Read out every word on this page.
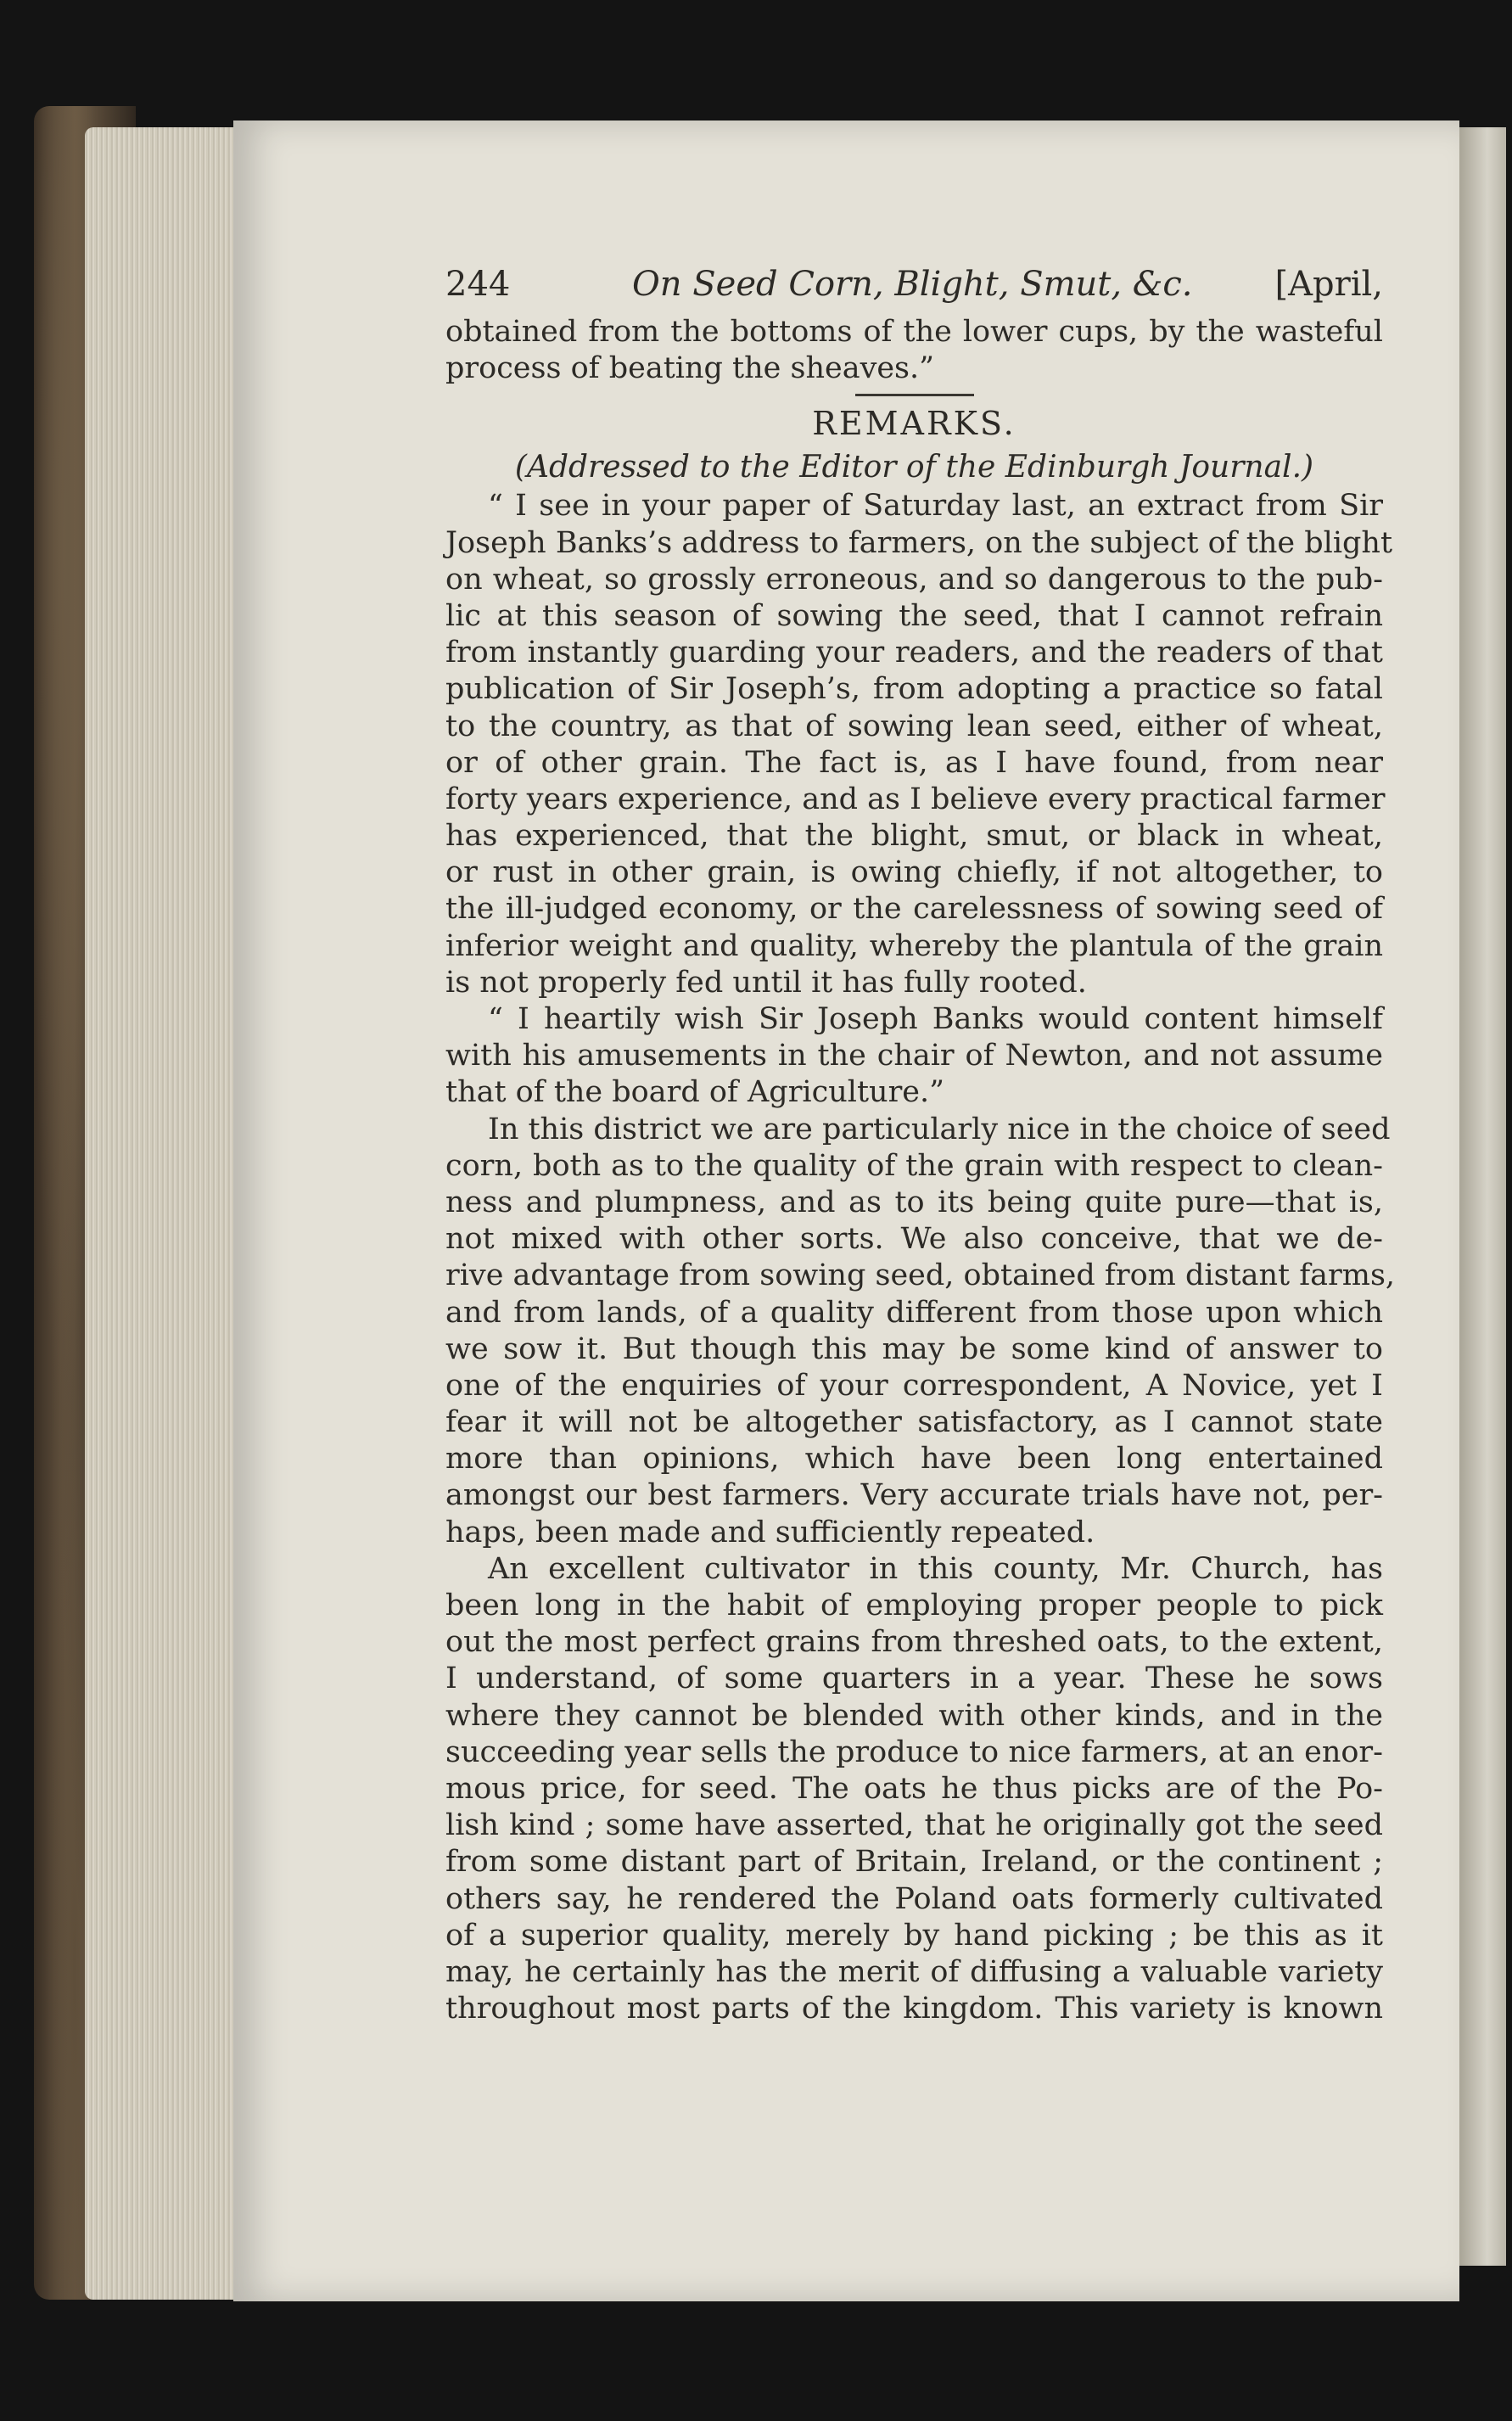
244	On Seed Corn, Blight, Smut, &c. [April,
obtained from the bottoms of the lower cups, by the wasteful
process of beating the sheaves.”
REMARKS.
(Addressed to the Editor of the Edinburgh Journal.)
“ I see in your paper of Saturday last, an extract from Sir
Joseph Banks’s address to farmers, on the subject of the blight
on wheat, so grossly erroneous, and so dangerous to the pub-
lic at this season of sowing the seed, that I cannot refrain
from instantly guarding your readers, and the readers of that
publication of Sir Joseph’s, from adopting a practice so fatal
to the country, as that of sowing lean seed, either of wheat,
or of other grain. The fact is, as I have found, from near
forty years experience, and as I believe every practical farmer
has experienced, that the blight, smut, or black in wheat,
or rust in other grain, is owing chiefly, if not altogether, to
the ill-judged economy, or the carelessness of sowing seed of
inferior weight and quality, whereby the plantula of the grain
is not properly fed until it has fully rooted.
“ I heartily wish Sir Joseph Banks would content himself
with his amusements in the chair of Newton, and not assume
that of the board of Agriculture.”
In this district we are particularly nice in the choice of seed
corn, both as to the quality of the grain with respect to clean-
ness and plumpness, and as to its being quite pure—that is,
not mixed with other sorts. We also conceive, that we de-
rive advantage from sowing seed, obtained from distant farms,
and from lands, of a quality different from those upon which
we sow it. But though this may be some kind of answer to
one of the enquiries of your correspondent, A Novice, yet I
fear it will not be altogether satisfactory, as I cannot state
more than opinions, which have been long entertained
amongst our best farmers. Very accurate trials have not, per-
haps, been made and sufficiently repeated.
An excellent cultivator in this county, Mr. Church, has
been long in the habit of employing proper people to pick
out the most perfect grains from threshed oats, to the extent,
I understand, of some quarters in a year. These he sows
where they cannot be blended with other kinds, and in the
succeeding year sells the produce to nice farmers, at an enor-
mous price, for seed. The oats he thus picks are of the Po-
lish kind ; some have asserted, that he originally got the seed
from some distant part of Britain, Ireland, or the continent ;
others say, he rendered the Poland oats formerly cultivated
of a superior quality, merely by hand picking ; be this as it
may, he certainly has the merit of diffusing a valuable variety
throughout most parts of the kingdom. This variety is known
